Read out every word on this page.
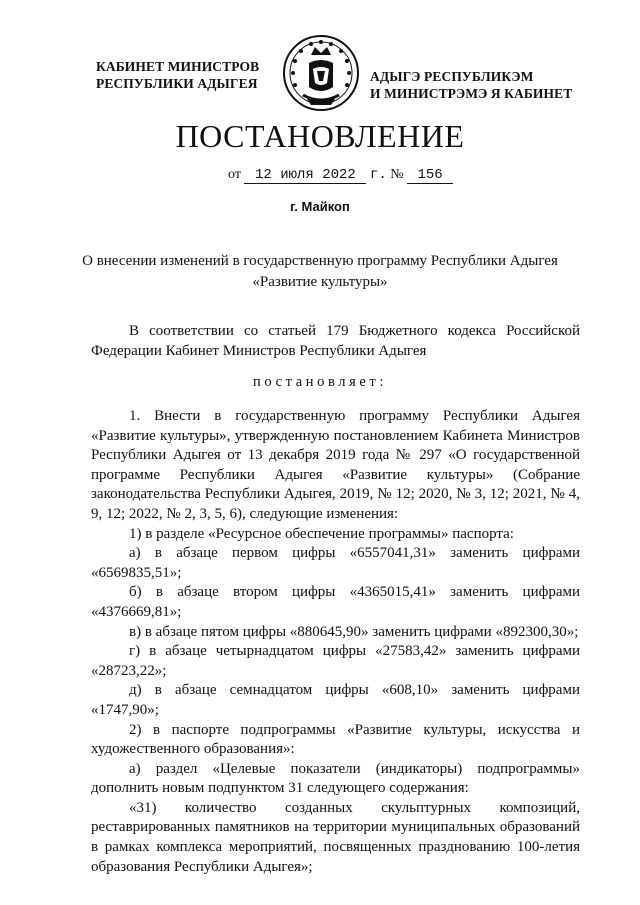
КАБИНЕТ МИНИСТРОВ
РЕСПУБЛИКИ АДЫГЕЯ	АДЫГЭ РЕСПУБЛИКЭМ
И МИНИСТРЭМЭ Я КАБИНЕТ
ПОСТАНОВЛЕНИЕ
от 12 июля 2022 г. № 156
г. Майкоп
О внесении изменений в государственную программу Республики Адыгея
«Развитие культуры»

В соответствии со статьей 179 Бюджетного кодекса Российской Федерации Кабинет Министров Республики Адыгея

постановляет:

1. Внести в государственную программу Республики Адыгея «Развитие культуры», утвержденную постановлением Кабинета Министров Республики Адыгея от 13 декабря 2019 года № 297 «О государственной программе Республики Адыгея «Развитие культуры» (Собрание законодательства Республики Адыгея, 2019, № 12; 2020, № 3, 12; 2021, № 4, 9, 12; 2022, № 2, 3, 5, 6), следующие изменения:

1) в разделе «Ресурсное обеспечение программы» паспорта:

а) в абзаце первом цифры «6557041,31» заменить цифрами «6569835,51»;

б) в абзаце втором цифры «4365015,41» заменить цифрами «4376669,81»;

в) в абзаце пятом цифры «880645,90» заменить цифрами «892300,30»;

г) в абзаце четырнадцатом цифры «27583,42» заменить цифрами «28723,22»;

д) в абзаце семнадцатом цифры «608,10» заменить цифрами «1747,90»;

2) в паспорте подпрограммы «Развитие культуры, искусства и художественного образования»:

а) раздел «Целевые показатели (индикаторы) подпрограммы» дополнить новым подпунктом 31 следующего содержания:

«31) количество созданных скульптурных композиций, реставрированных памятников на территории муниципальных образований в рамках комплекса мероприятий, посвященных празднованию 100-летия образования Республики Адыгея»;
